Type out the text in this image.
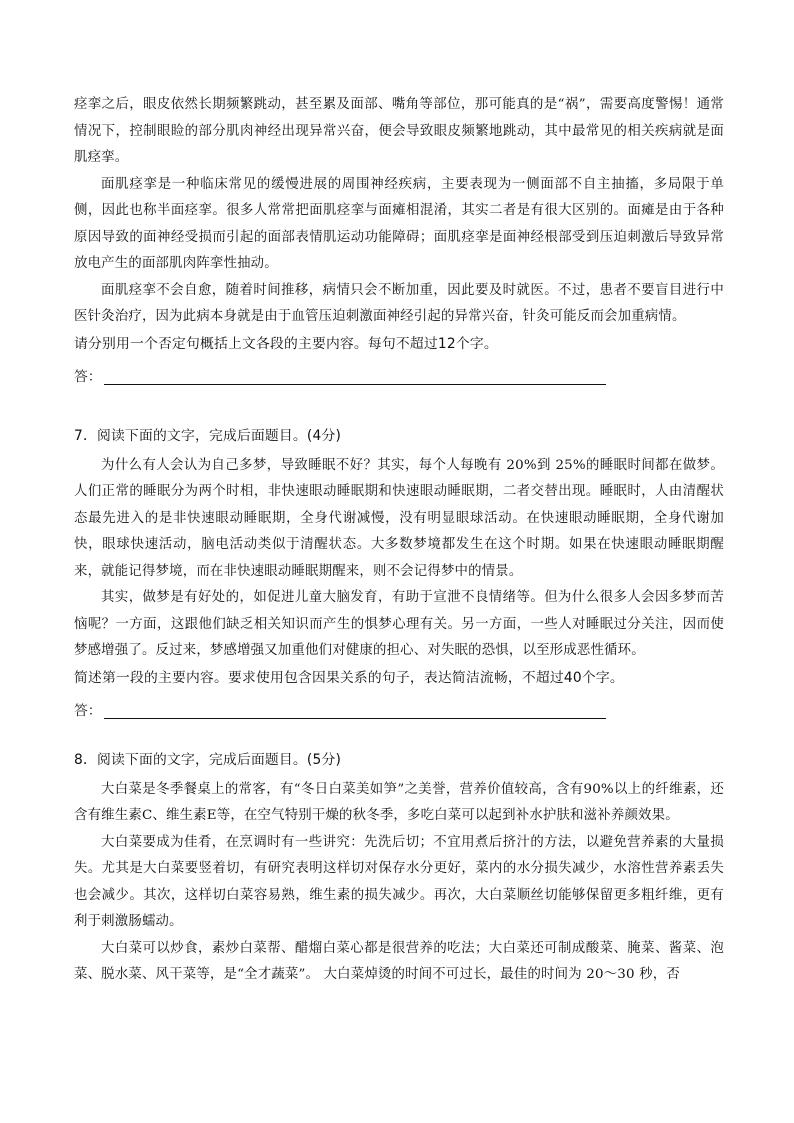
痉挛之后，眼皮依然长期频繁跳动，甚至累及面部、嘴角等部位，那可能真的是“祸”，需要高度警惕！通常情况下，控制眼睑的部分肌肉神经出现异常兴奋，便会导致眼皮频繁地跳动，其中最常见的相关疾病就是面肌痉挛。

面肌痉挛是一种临床常见的缓慢进展的周围神经疾病，主要表现为一侧面部不自主抽搐，多局限于单侧，因此也称半面痉挛。很多人常常把面肌痉挛与面瘫相混淆，其实二者是有很大区别的。面瘫是由于各种原因导致的面神经受损而引起的面部表情肌运动功能障碍；面肌痉挛是面神经根部受到压迫刺激后导致异常放电产生的面部肌肉阵挛性抽动。

面肌痉挛不会自愈，随着时间推移，病情只会不断加重，因此要及时就医。不过，患者不要盲目进行中医针灸治疗，因为此病本身就是由于血管压迫刺激面神经引起的异常兴奋，针灸可能反而会加重病情。

请分别用一个否定句概括上文各段的主要内容。每句不超过12个字。

答：

7．阅读下面的文字，完成后面题目。(4分)

为什么有人会认为自己多梦，导致睡眠不好？其实，每个人每晚有 20%到 25%的睡眠时间都在做梦。人们正常的睡眠分为两个时相，非快速眼动睡眠期和快速眼动睡眠期，二者交替出现。睡眠时，人由清醒状态最先进入的是非快速眼动睡眠期，全身代谢减慢，没有明显眼球活动。在快速眼动睡眠期，全身代谢加快，眼球快速活动，脑电活动类似于清醒状态。大多数梦境都发生在这个时期。如果在快速眼动睡眠期醒来，就能记得梦境，而在非快速眼动睡眠期醒来，则不会记得梦中的情景。

其实，做梦是有好处的，如促进儿童大脑发育，有助于宣泄不良情绪等。但为什么很多人会因多梦而苦恼呢？一方面，这跟他们缺乏相关知识而产生的惧梦心理有关。另一方面，一些人对睡眠过分关注，因而使梦感增强了。反过来，梦感增强又加重他们对健康的担心、对失眠的恐惧，以至形成恶性循环。

简述第一段的主要内容。要求使用包含因果关系的句子，表达简洁流畅，不超过40个字。

答：

8．阅读下面的文字，完成后面题目。(5分)

大白菜是冬季餐桌上的常客，有“冬日白菜美如笋”之美誉，营养价值较高，含有90%以上的纤维素，还含有维生素C、维生素E等，在空气特别干燥的秋冬季，多吃白菜可以起到补水护肤和滋补养颜效果。

大白菜要成为佳肴，在烹调时有一些讲究：先洗后切；不宜用煮后挤汁的方法，以避免营养素的大量损失。尤其是大白菜要竖着切，有研究表明这样切对保存水分更好，菜内的水分损失减少，水溶性营养素丢失也会减少。其次，这样切白菜容易熟，维生素的损失减少。再次，大白菜顺丝切能够保留更多粗纤维，更有利于刺激肠蠕动。

大白菜可以炒食，素炒白菜帮、醋熘白菜心都是很营养的吃法；大白菜还可制成酸菜、腌菜、酱菜、泡菜、脱水菜、风干菜等，是“全才蔬菜”。 大白菜焯烫的时间不可过长，最佳的时间为 20～30 秒，否
